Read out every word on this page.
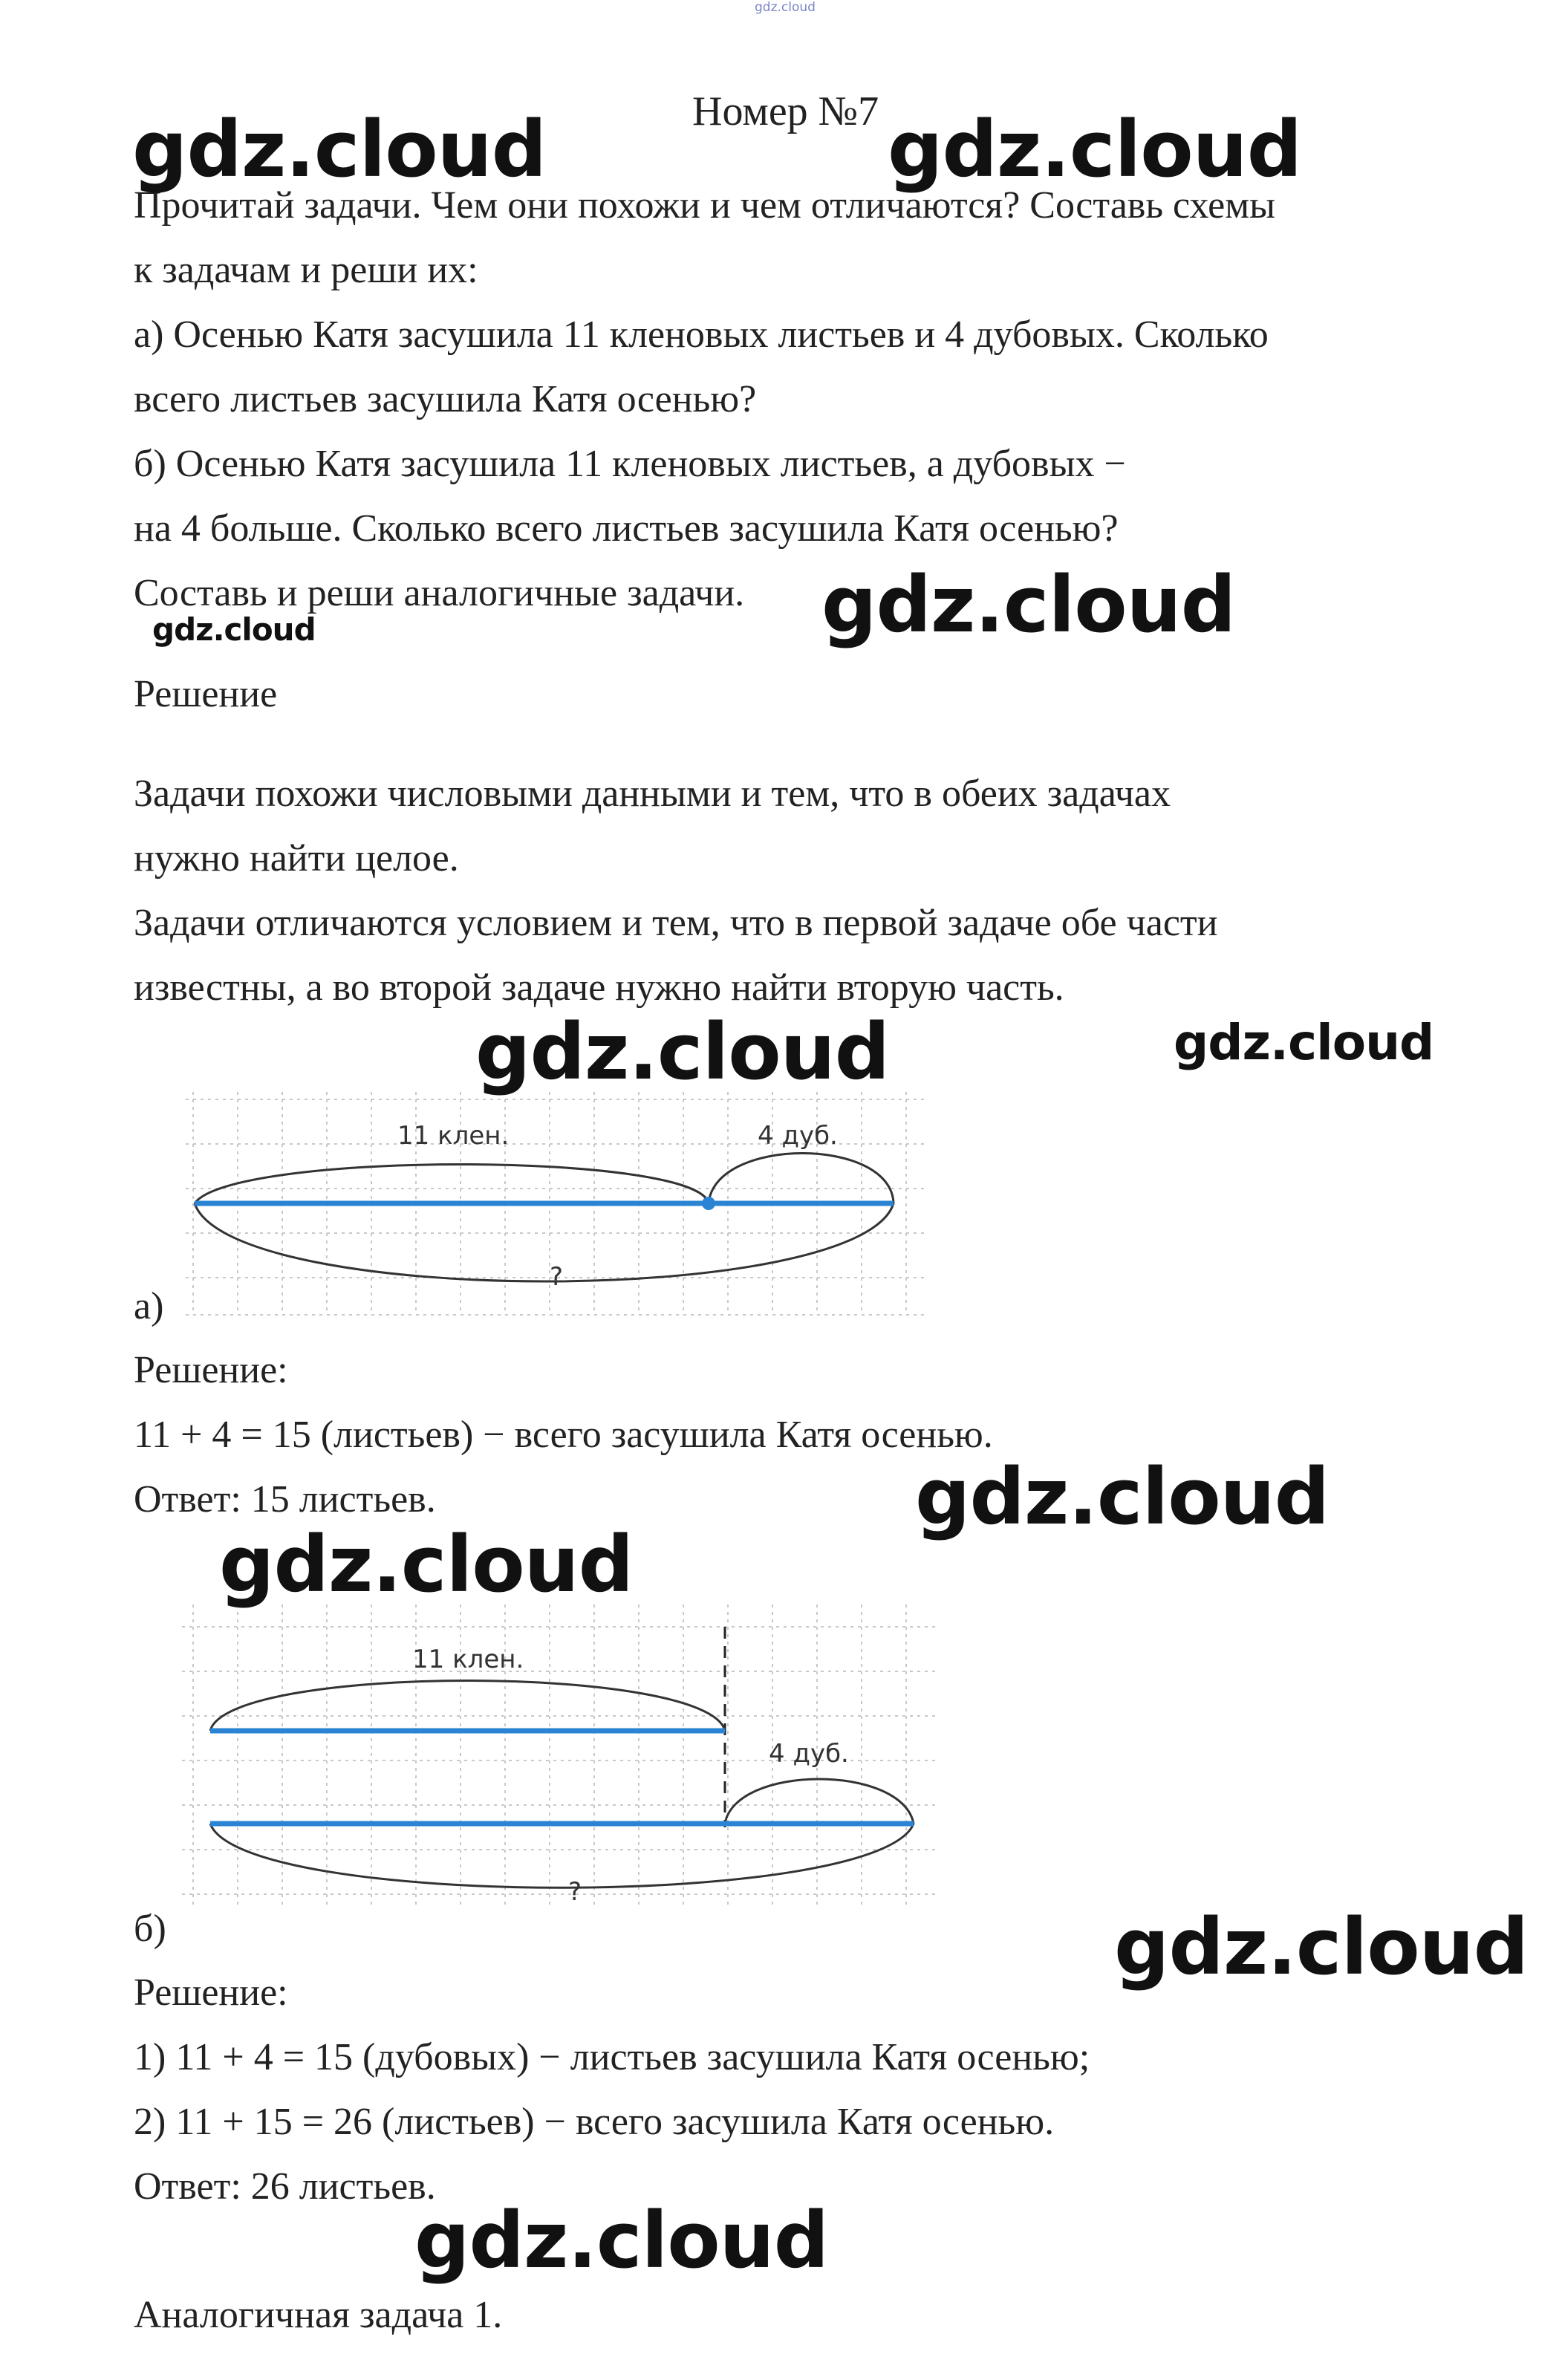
gdz.cloud
Номер №7
Прочитай задачи. Чем они похожи и чем отличаются? Составь схемы
к задачам и реши их:
а) Осенью Катя засушила 11 кленовых листьев и 4 дубовых. Сколько
всего листьев засушила Катя осенью?
б) Осенью Катя засушила 11 кленовых листьев, а дубовых −
на 4 больше. Сколько всего листьев засушила Катя осенью?
Составь и реши аналогичные задачи.
Решение
Задачи похожи числовыми данными и тем, что в обеих задачах
нужно найти целое.
Задачи отличаются условием и тем, что в первой задаче обе части
известны, а во второй задаче нужно найти вторую часть.
11 клен.	4 дуб.
?
а)
Решение:
11 + 4 = 15 (листьев) − всего засушила Катя осенью.
Ответ: 15 листьев.
11 клен.
4 дуб.
?
б)
Решение:
1) 11 + 4 = 15 (дубовых) − листьев засушила Катя осенью;
2) 11 + 15 = 26 (листьев) − всего засушила Катя осенью.
Ответ: 26 листьев.
Аналогичная задача 1.
gdz.cloud	gdz.cloud
gdz.cloud	gdz.cloud
gdz.cloud	gdz.cloud
gdz.cloud
gdz.cloud
gdz.cloud
gdz.cloud
